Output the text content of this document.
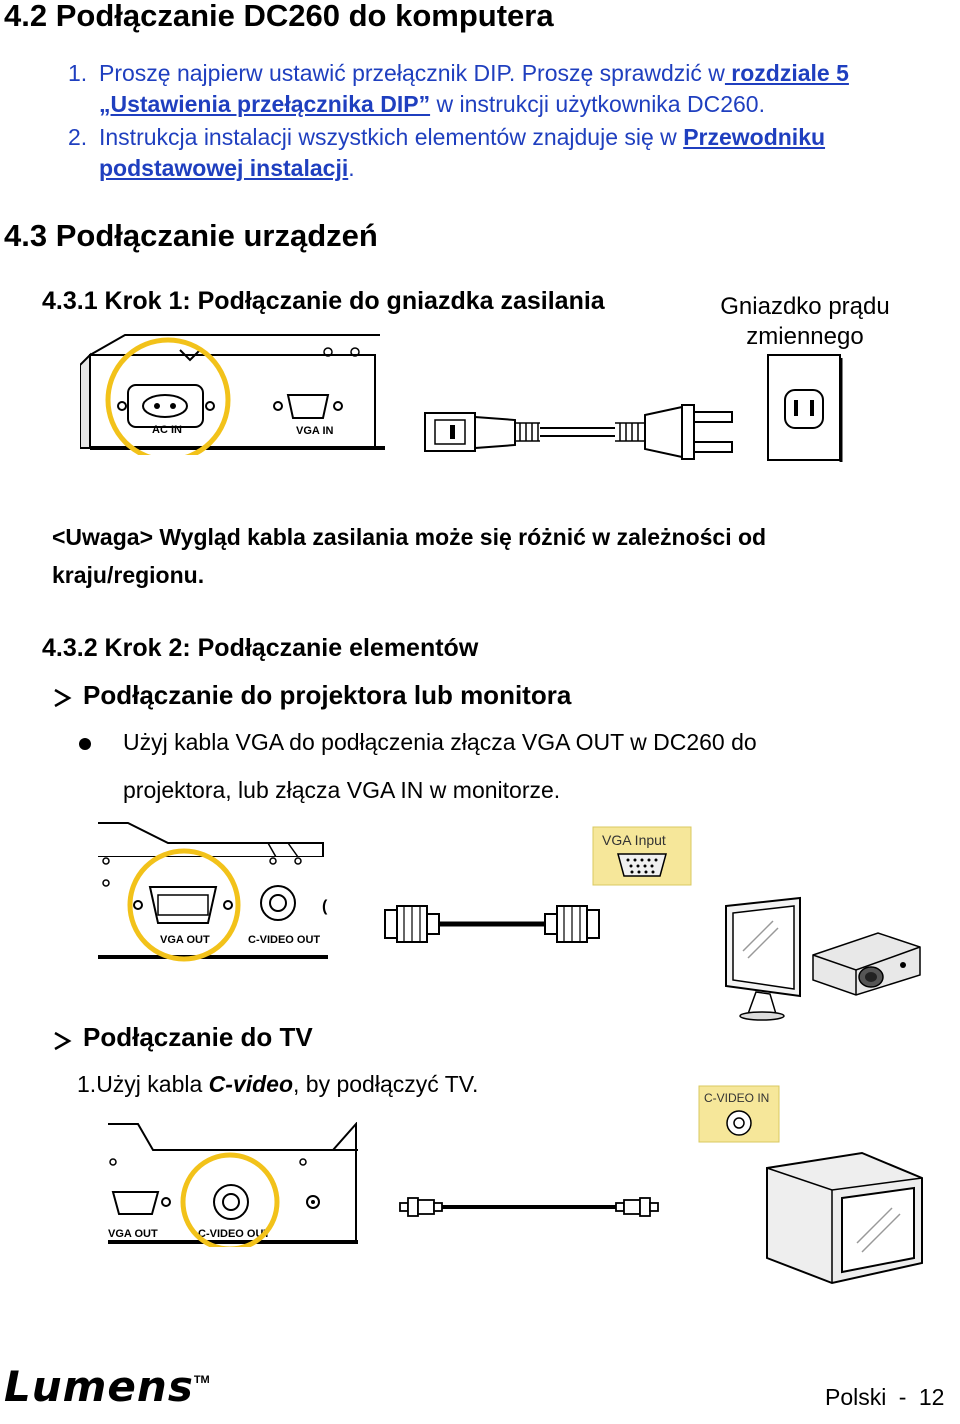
4.2 Podłączanie DC260 do komputera
1. Proszę najpierw ustawić przełącznik DIP. Proszę sprawdzić w rozdziale 5
„Ustawienia przełącznika DIP” w instrukcji użytkownika DC260.
2. Instrukcja instalacji wszystkich elementów znajduje się w Przewodniku
podstawowej instalacji.
4.3 Podłączanie urządzeń
4.3.1 Krok 1: Podłączanie do gniazdka zasilania	Gniazdko prądu
zmiennego
AC IN	VGA IN
<Uwaga> Wygląd kabla zasilania może się różnić w zależności od
kraju/regionu.
4.3.2 Krok 2: Podłączanie elementów
Podłączanie do projektora lub monitora
Użyj kabla VGA do podłączenia złącza VGA OUT w DC260 do
projektora, lub złącza VGA IN w monitorze.
(
VGA OUT	C-VIDEO OUT
VGA Input
Podłączanie do TV
1.Użyj kabla C-video, by podłączyć TV.
VGA OUT	C-VIDEO OUT
C-VIDEO IN
Lumens™
Polski - 12
